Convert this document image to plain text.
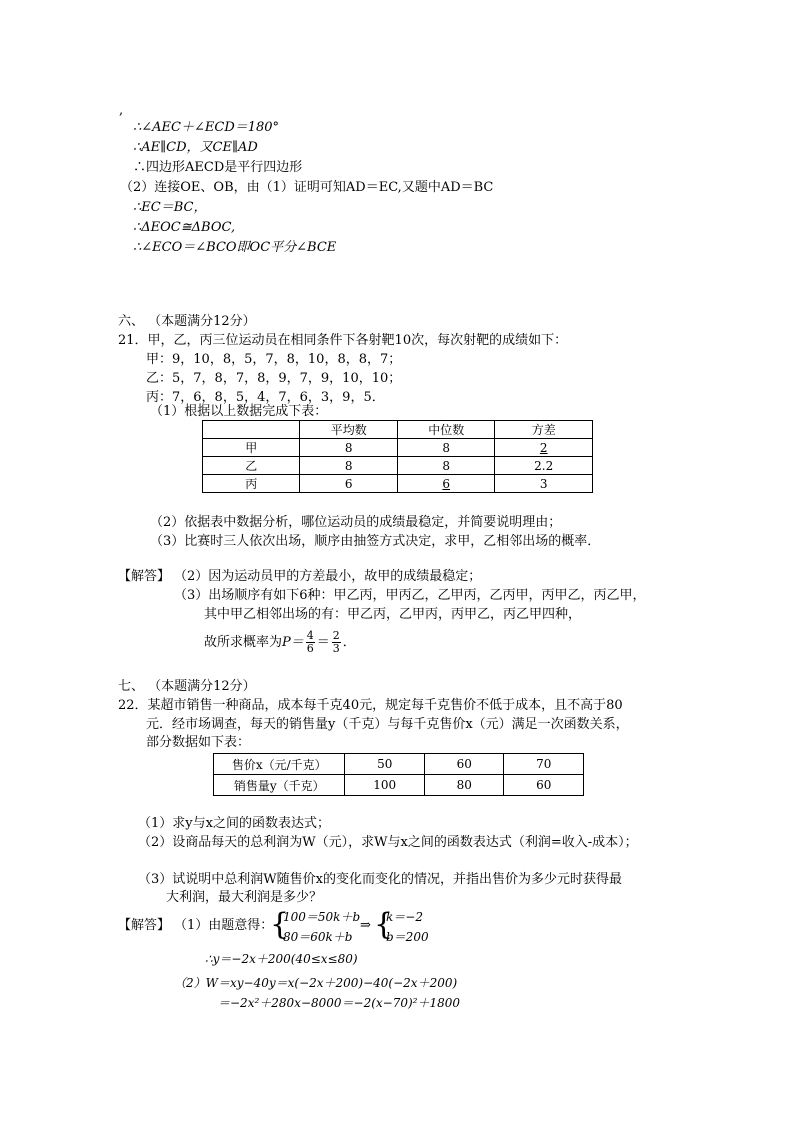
,
∴∠AEC＋∠ECD＝180°
∴AE∥CD，又CE∥AD
∴四边形AECD是平行四边形
（2）连接OE、OB，由（1）证明可知AD＝EC,又题中AD＝BC
∴EC＝BC，
∴ΔEOC≅ΔBOC,
∴∠ECO＝∠BCO即OC平分∠BCE
六、 （本题满分12分）
21．甲，乙，丙三位运动员在相同条件下各射靶10次，每次射靶的成绩如下：
甲：9，10，8，5，7，8，10，8，8，7；
乙：5，7，8，7，8，9，7，9，10，10；
丙：7，6，8，5，4，7，6，3，9，5．
（1）根据以上数据完成下表：
	平均数	中位数	方差
甲	8	8	2
乙	8	8	2.2
丙	6	6	3
（2）依据表中数据分析，哪位运动员的成绩最稳定，并简要说明理由；
（3）比赛时三人依次出场，顺序由抽签方式决定，求甲，乙相邻出场的概率．
【解答】 （2）因为运动员甲的方差最小，故甲的成绩最稳定；
（3）出场顺序有如下6种：甲乙丙，甲丙乙，乙甲丙，乙丙甲，丙甲乙，丙乙甲，
其中甲乙相邻出场的有：甲乙丙，乙甲丙，丙甲乙，丙乙甲四种，
故所求概率为$P= \frac{4}{6} = \frac{2}{3}$ ．
七、 （本题满分12分）
22．某超市销售一种商品，成本每千克40元，规定每千克售价不低于成本，且不高于80
元．经市场调查，每天的销售量y（千克）与每千克售价x（元）满足一次函数关系，
部分数据如下表：
售价x（元/千克）	50	60	70
销售量y（千克）	100	80	60
（1）求y与x之间的函数表达式；
（2）设商品每天的总利润为W（元），求W与x之间的函数表达式（利润=收入-成本）；
（3）试说明中总利润W随售价x的变化而变化的情况，并指出售价为多少元时获得最
大利润，最大利润是多少？
【解答】 （1）由题意得：
{
100＝50k＋b
80＝60k＋b
⇒ {
k＝−2
b＝200
∴y＝−2x＋200(40≤x≤80)
（2）W＝xy−40y＝x(−2x＋200)−40(−2x＋200)
＝−2x²＋280x−8000＝−2(x−70)²＋1800
